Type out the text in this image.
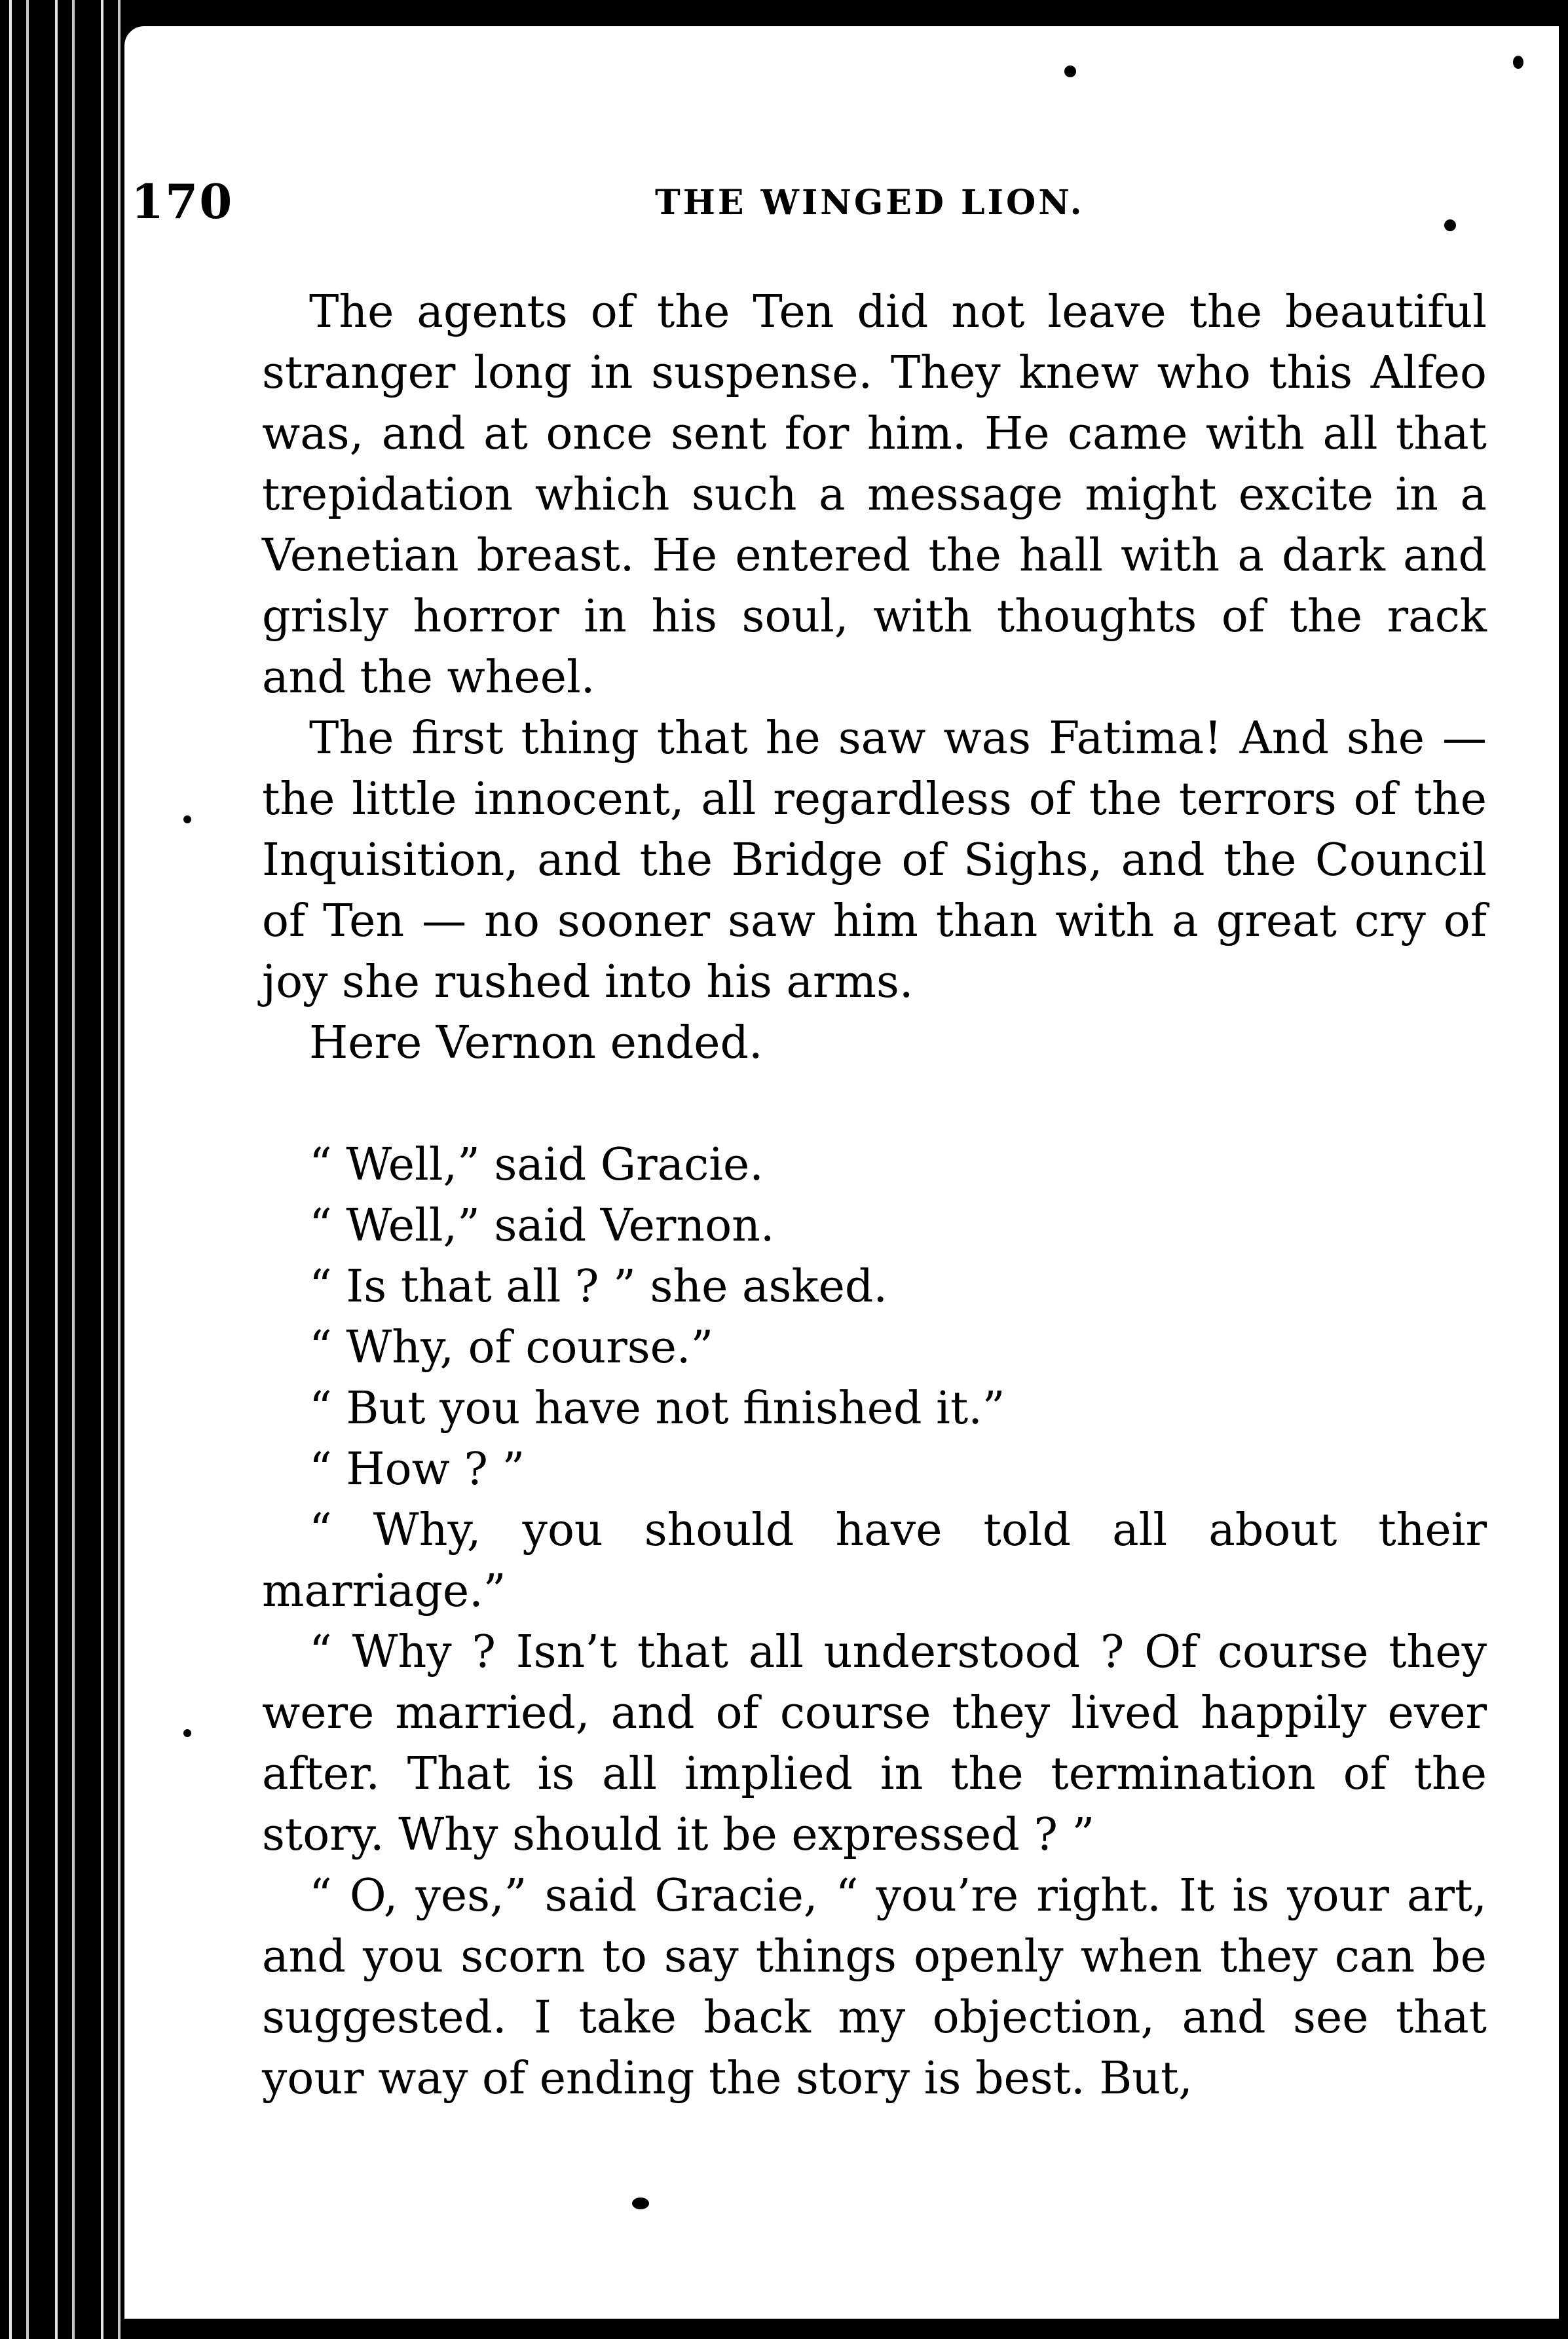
170	THE WINGED LION.

The agents of the Ten did not leave the beautiful stranger long in suspense. They knew who this Alfeo was, and at once sent for him. He came with all that trepidation which such a message might excite in a Venetian breast. He entered the hall with a dark and grisly horror in his soul, with thoughts of the rack and the wheel.

The first thing that he saw was Fatima! And she — the little innocent, all regardless of the terrors of the Inquisition, and the Bridge of Sighs, and the Council of Ten — no sooner saw him than with a great cry of joy she rushed into his arms.

Here Vernon ended.

“ Well,” said Gracie.

“ Well,” said Vernon.

“ Is that all ? ” she asked.

“ Why, of course.”

“ But you have not finished it.”

“ How ? ”

“ Why, you should have told all about their marriage.”

“ Why ? Isn’t that all understood ? Of course they were married, and of course they lived happily ever after. That is all implied in the termination of the story. Why should it be expressed ? ”

“ O, yes,” said Gracie, “ you’re right. It is your art, and you scorn to say things openly when they can be suggested. I take back my objection, and see that your way of ending the story is best. But,
